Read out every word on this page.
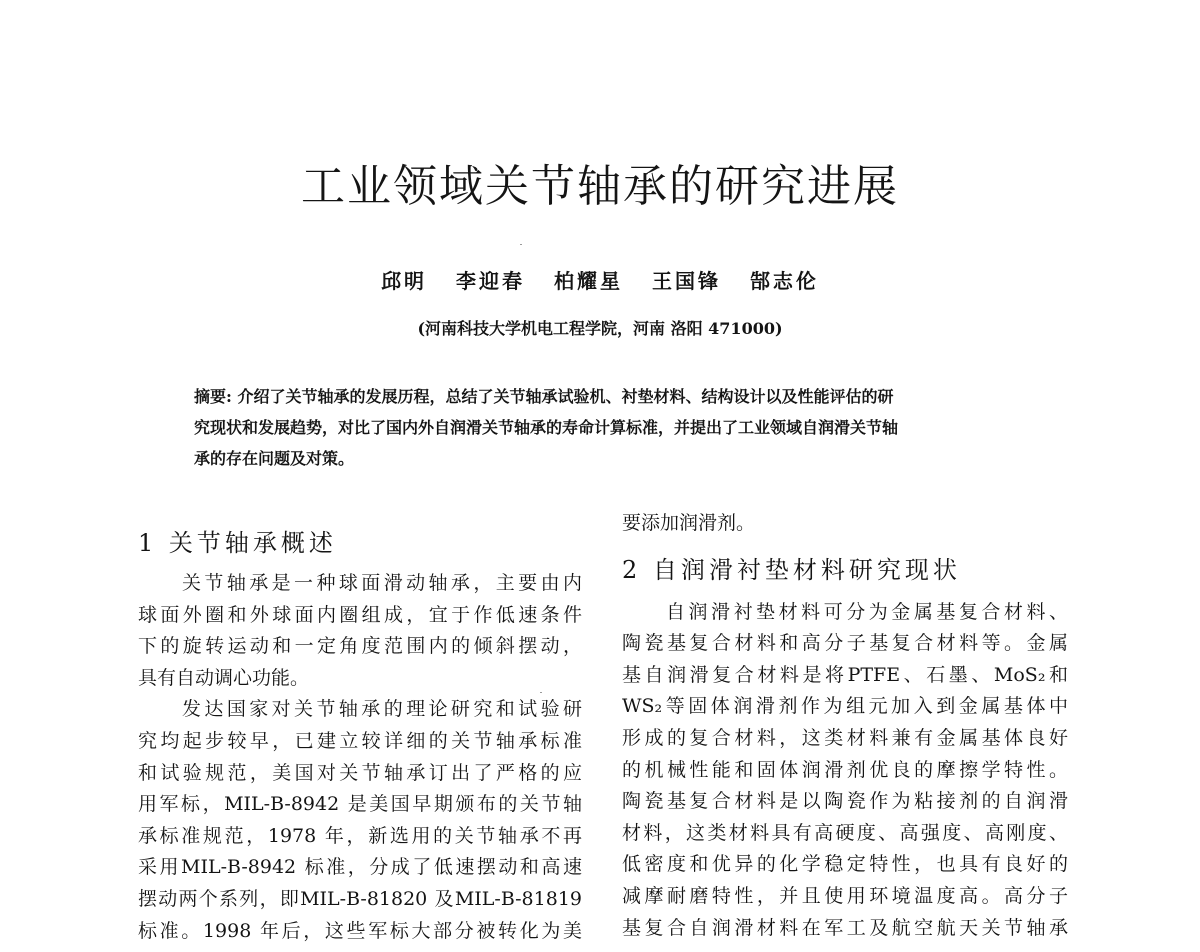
工业领域关节轴承的研究进展
邱明 李迎春 柏耀星 王国锋 郜志伦
(河南科技大学机电工程学院，河南 洛阳 471000)
摘要: 介绍了关节轴承的发展历程，总结了关节轴承试验机、衬垫材料、结构设计以及性能评估的研
究现状和发展趋势，对比了国内外自润滑关节轴承的寿命计算标准，并提出了工业领域自润滑关节轴
承的存在问题及对策。
1 关节轴承概述
关节轴承是一种球面滑动轴承，主要由内
球面外圈和外球面内圈组成，宜于作低速条件
下的旋转运动和一定角度范围内的倾斜摆动，
具有自动调心功能。
发达国家对关节轴承的理论研究和试验研
究均起步较早，已建立较详细的关节轴承标准
和试验规范，美国对关节轴承订出了严格的应
用军标，MIL-B-8942 是美国早期颁布的关节轴
承标准规范，1978 年，新选用的关节轴承不再
采用MIL-B-8942 标准，分成了低速摆动和高速
摆动两个系列，即MIL-B-81820 及MIL-B-81819
标准。1998 年后，这些军标大部分被转化为美
要添加润滑剂。
2 自润滑衬垫材料研究现状
自润滑衬垫材料可分为金属基复合材料、
陶瓷基复合材料和高分子基复合材料等。金属
基自润滑复合材料是将PTFE、石墨、MoS₂和
WS₂等固体润滑剂作为组元加入到金属基体中
形成的复合材料，这类材料兼有金属基体良好
的机械性能和固体润滑剂优良的摩擦学特性。
陶瓷基复合材料是以陶瓷作为粘接剂的自润滑
材料，这类材料具有高硬度、高强度、高刚度、
低密度和优异的化学稳定特性，也具有良好的
减摩耐磨特性，并且使用环境温度高。高分子
基复合自润滑材料在军工及航空航天关节轴承
